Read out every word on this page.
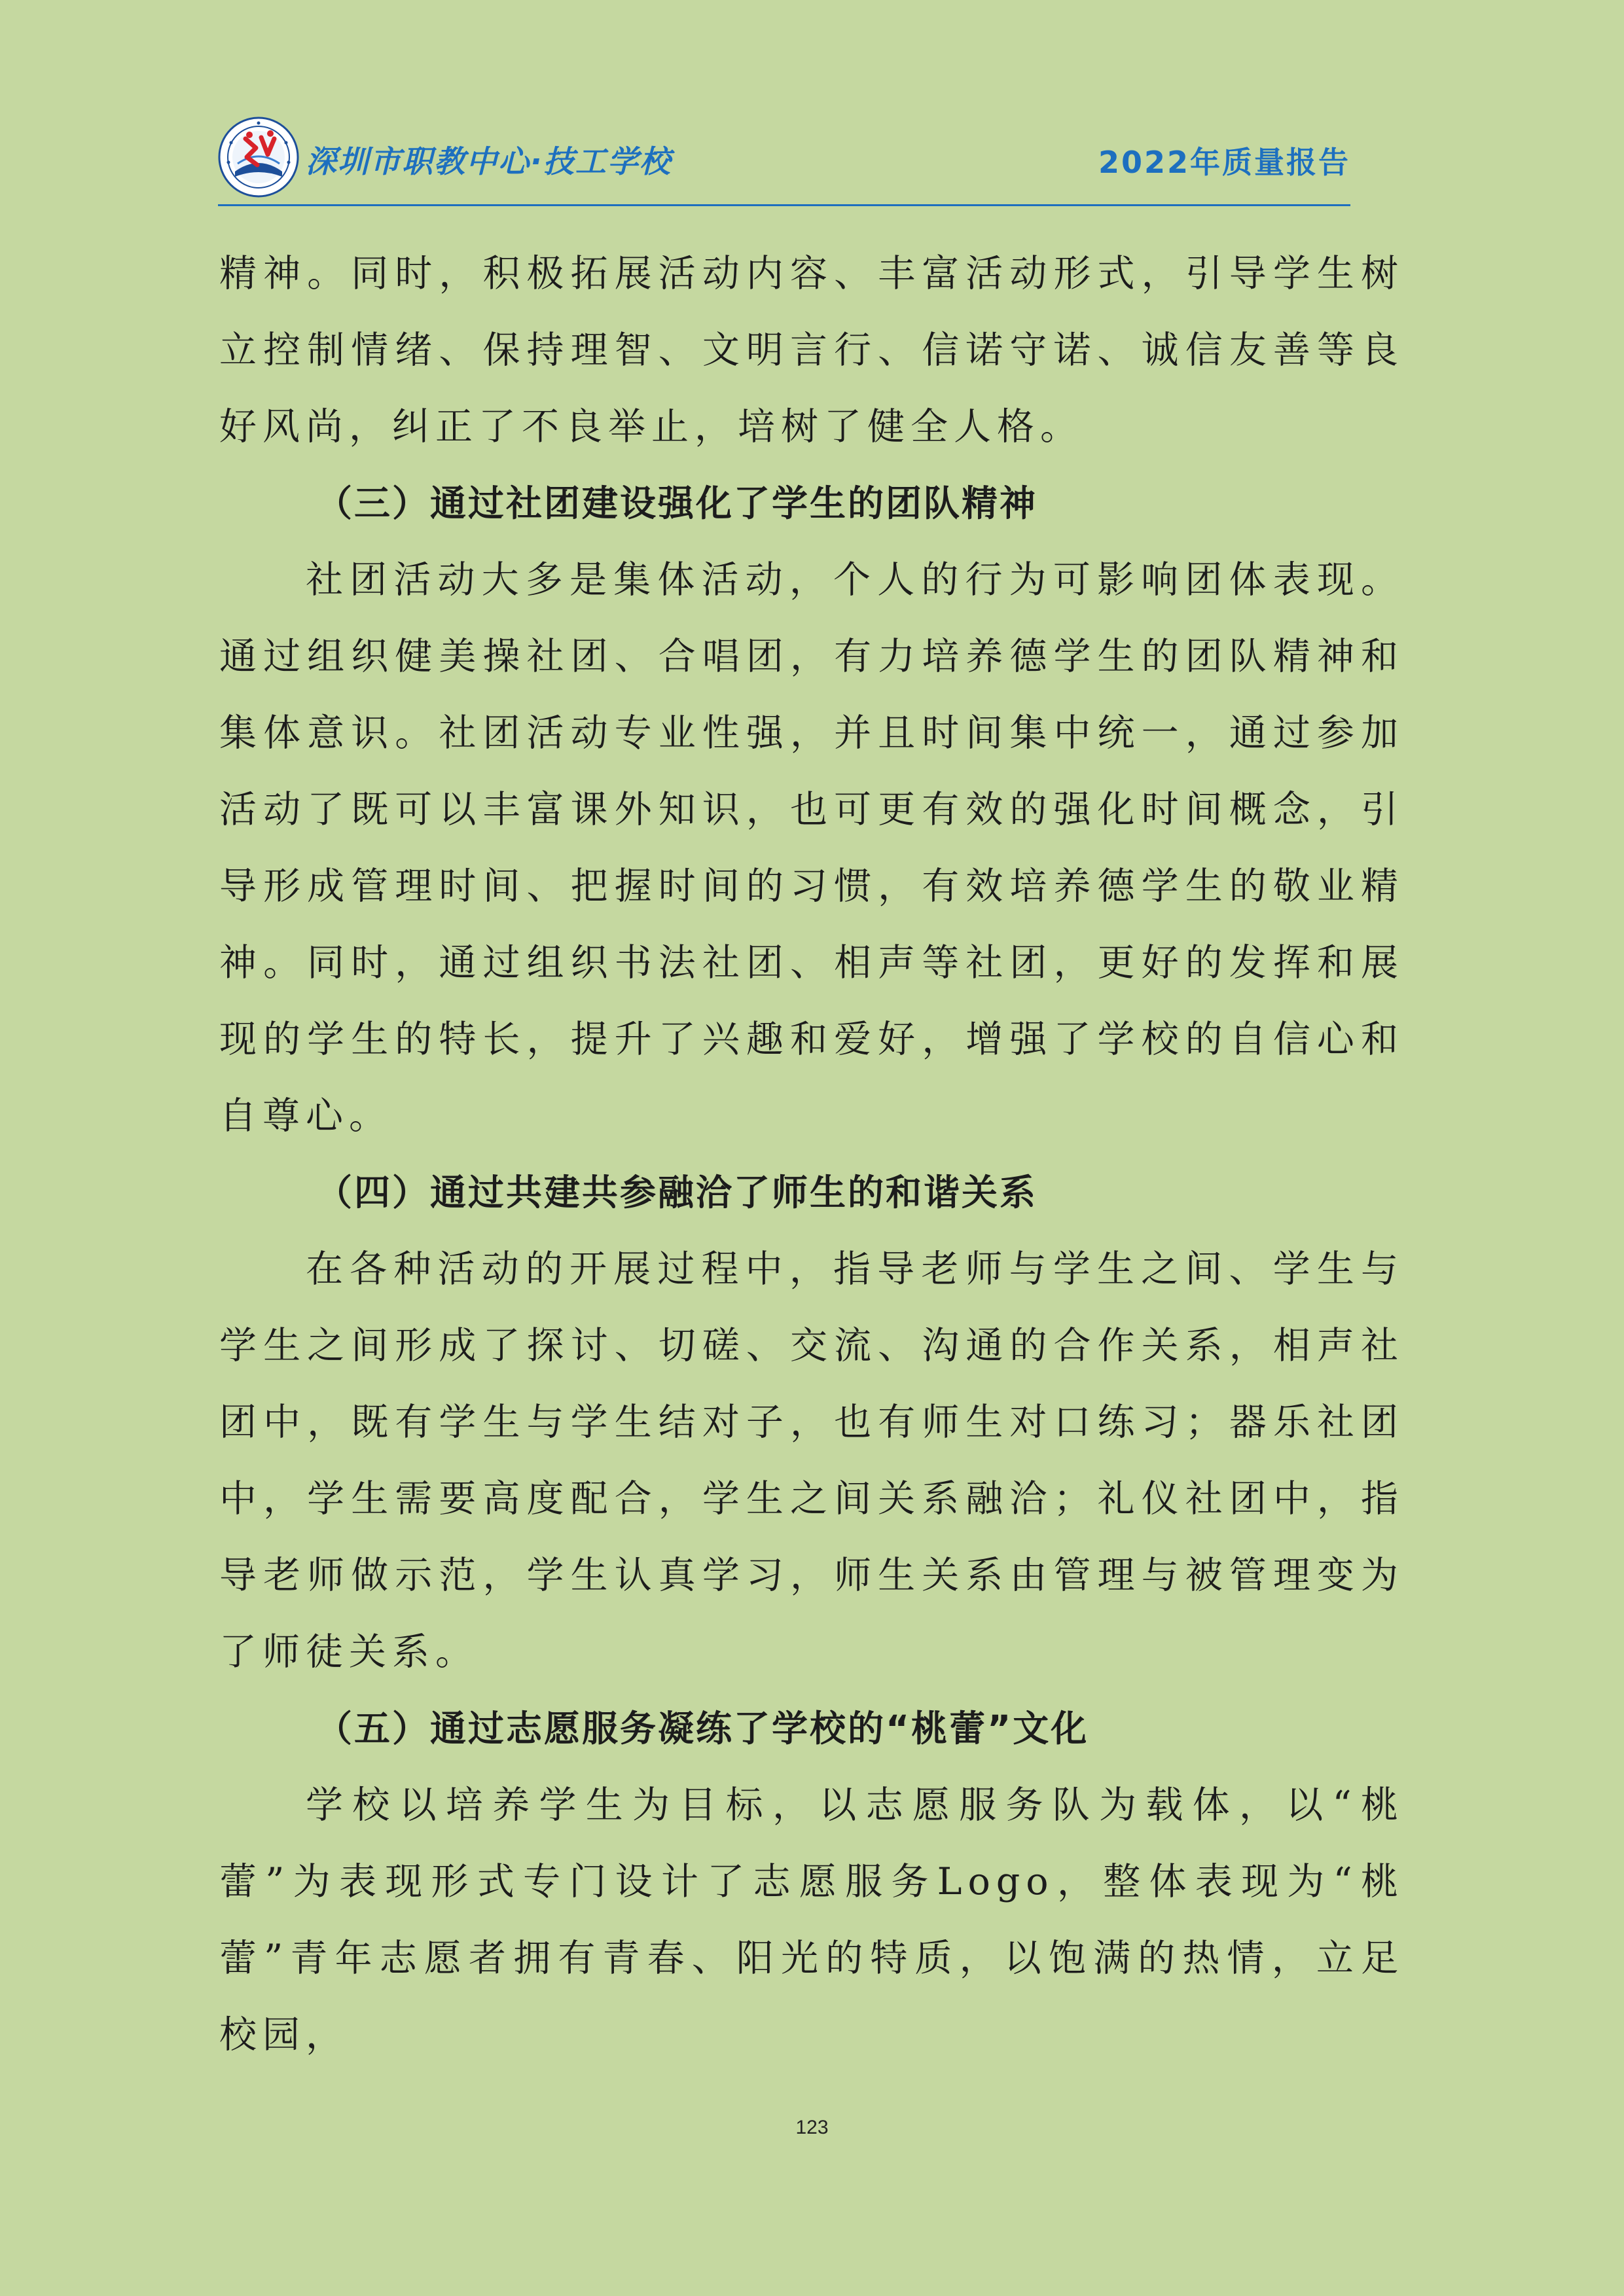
深圳市职教中心·技工学校	2022年质量报告

精神。同时，积极拓展活动内容、丰富活动形式，引导学生树立控制情绪、保持理智、文明言行、信诺守诺、诚信友善等良好风尚，纠正了不良举止，培树了健全人格。

（三）通过社团建设强化了学生的团队精神

社团活动大多是集体活动，个人的行为可影响团体表现。通过组织健美操社团、合唱团，有力培养德学生的团队精神和集体意识。社团活动专业性强，并且时间集中统一，通过参加活动了既可以丰富课外知识，也可更有效的强化时间概念，引导形成管理时间、把握时间的习惯，有效培养德学生的敬业精神。同时，通过组织书法社团、相声等社团，更好的发挥和展现的学生的特长，提升了兴趣和爱好，增强了学校的自信心和自尊心。

（四）通过共建共参融洽了师生的和谐关系

在各种活动的开展过程中，指导老师与学生之间、学生与学生之间形成了探讨、切磋、交流、沟通的合作关系，相声社团中，既有学生与学生结对子，也有师生对口练习；器乐社团中，学生需要高度配合，学生之间关系融洽；礼仪社团中，指导老师做示范，学生认真学习，师生关系由管理与被管理变为了师徒关系。

（五）通过志愿服务凝练了学校的“桃蕾”文化

学校以培养学生为目标，以志愿服务队为载体，以“桃蕾”为表现形式专门设计了志愿服务Logo，整体表现为“桃蕾”青年志愿者拥有青春、阳光的特质，以饱满的热情，立足校园，

123
